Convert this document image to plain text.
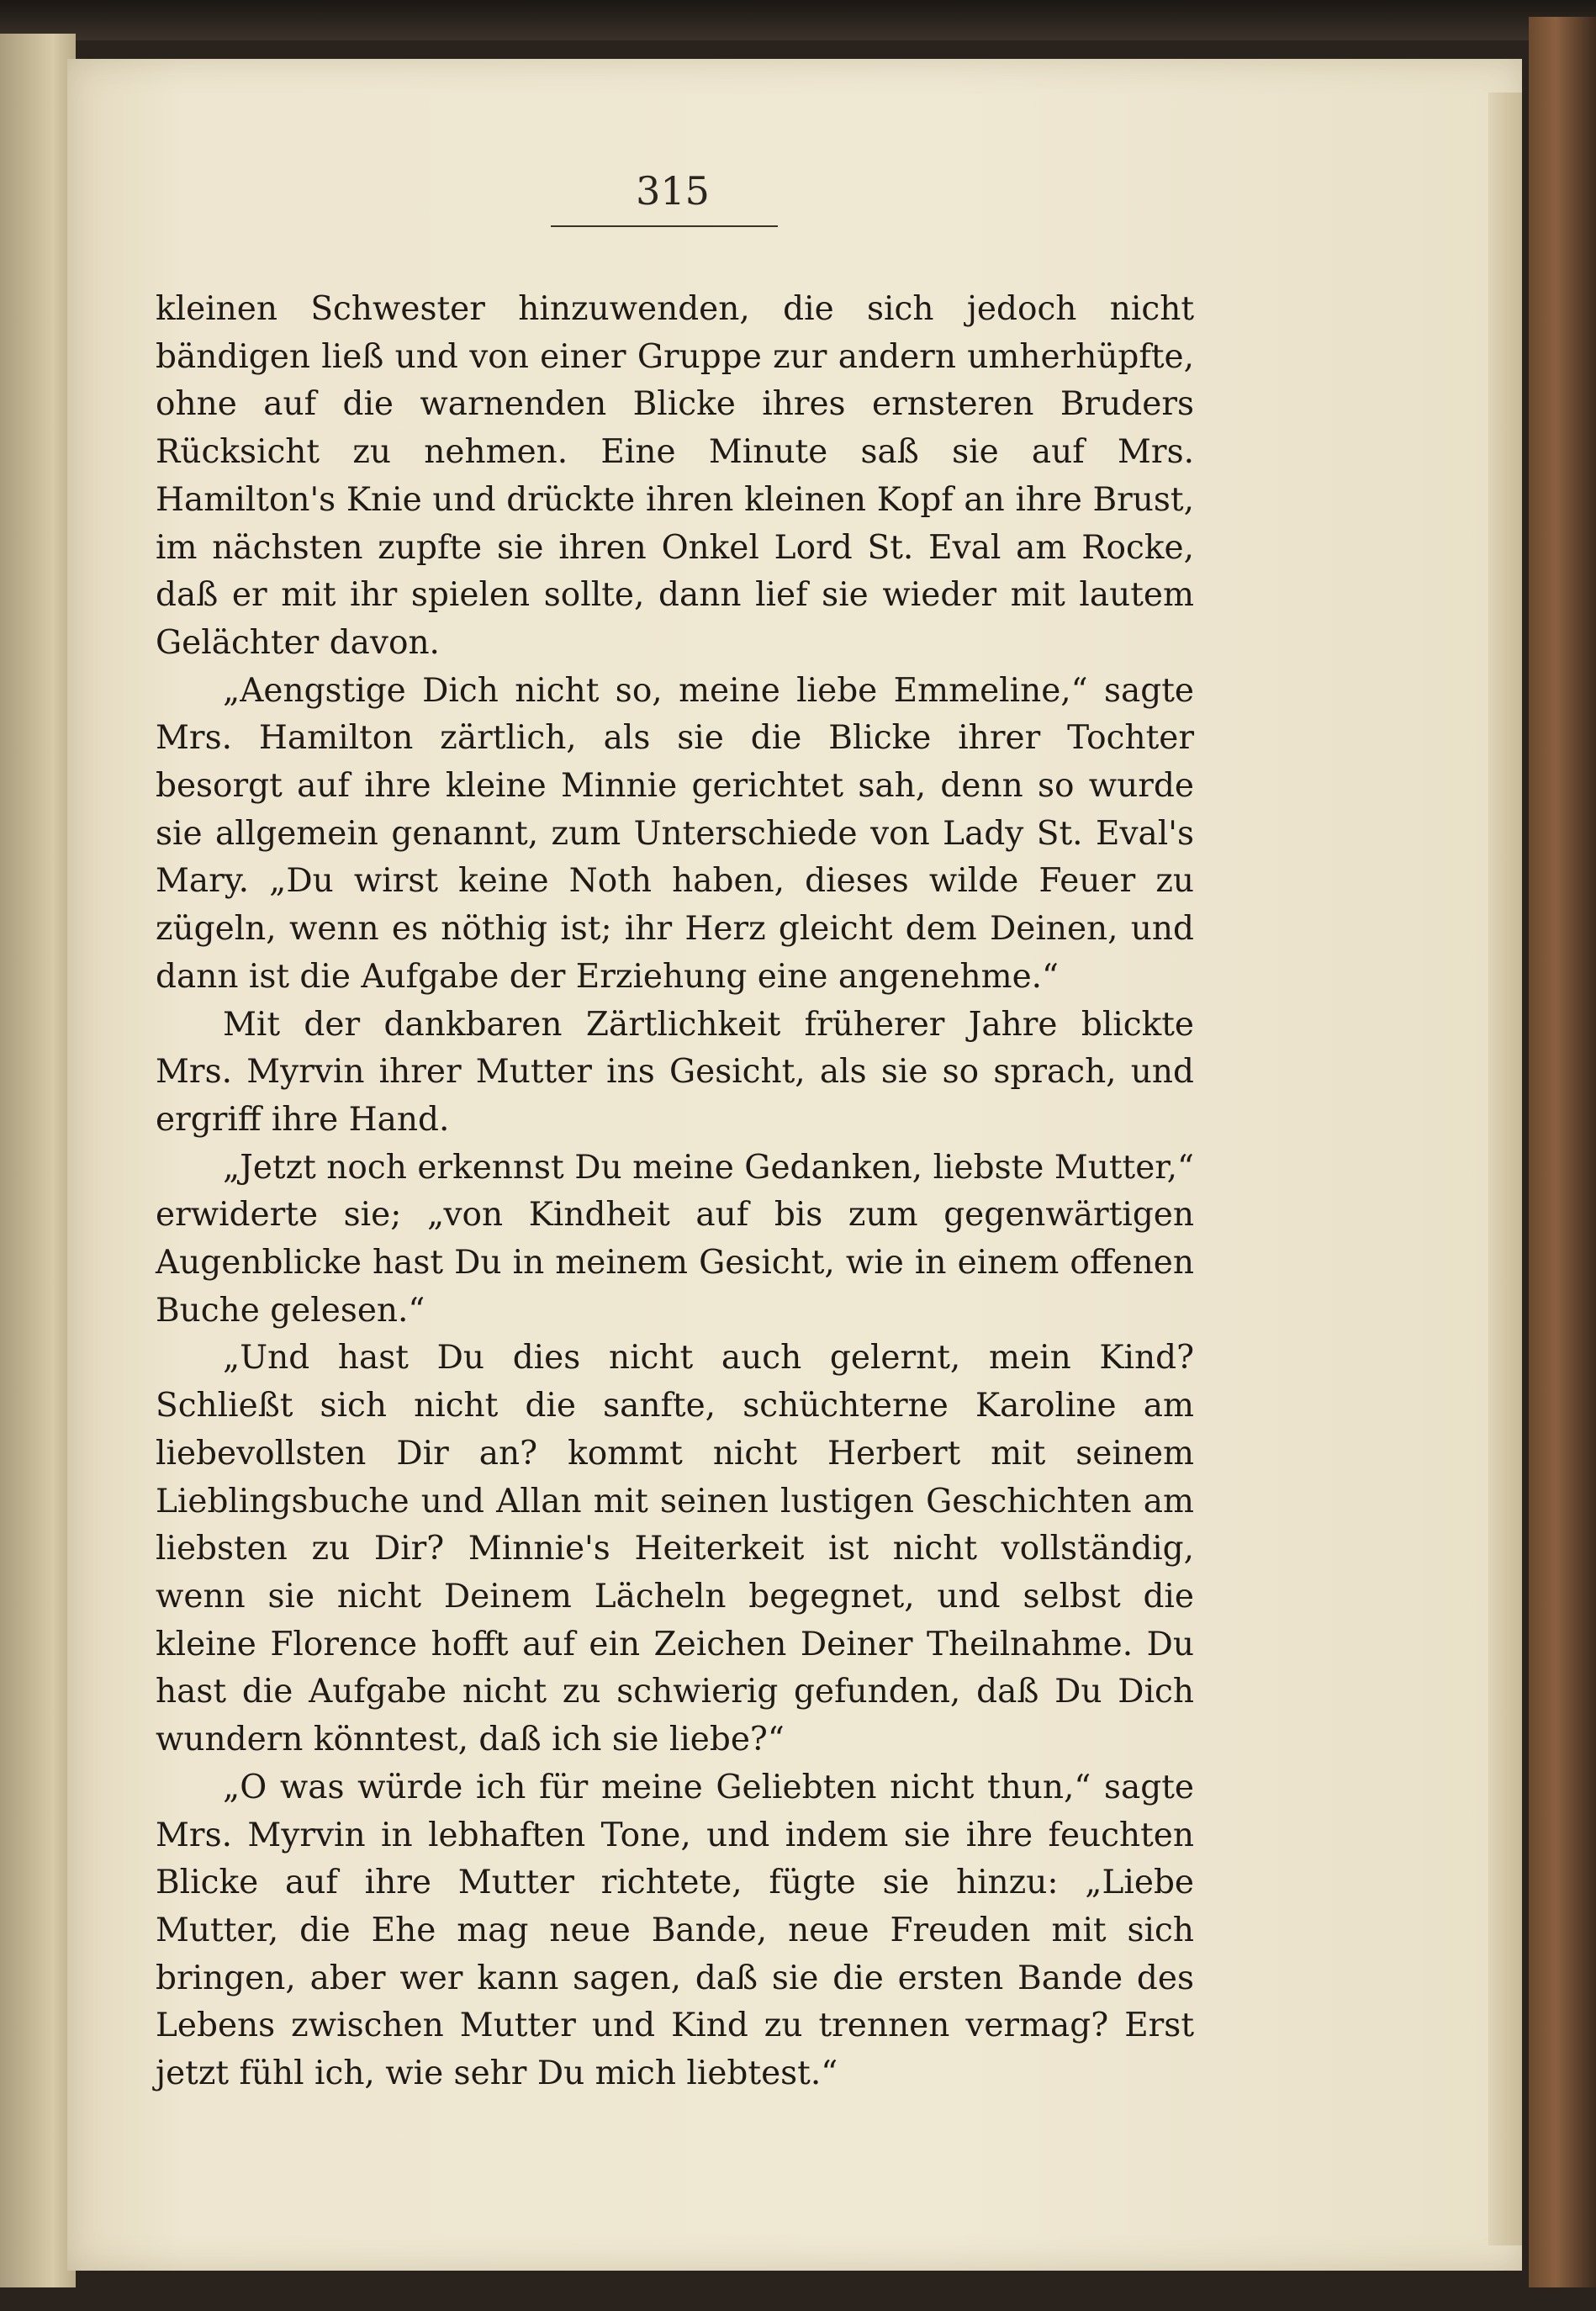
315

kleinen Schwester hinzuwenden, die sich jedoch nicht bändigen ließ und von einer Gruppe zur andern umherhüpfte, ohne auf die warnenden Blicke ihres ernsteren Bruders Rücksicht zu nehmen. Eine Minute saß sie auf Mrs. Hamilton's Knie und drückte ihren kleinen Kopf an ihre Brust, im nächsten zupfte sie ihren Onkel Lord St. Eval am Rocke, daß er mit ihr spielen sollte, dann lief sie wieder mit lautem Gelächter davon.

„Aengstige Dich nicht so, meine liebe Emmeline,“ sagte Mrs. Hamilton zärtlich, als sie die Blicke ihrer Tochter besorgt auf ihre kleine Minnie gerichtet sah, denn so wurde sie allgemein genannt, zum Unterschiede von Lady St. Eval's Mary. „Du wirst keine Noth haben, dieses wilde Feuer zu zügeln, wenn es nöthig ist; ihr Herz gleicht dem Deinen, und dann ist die Aufgabe der Erziehung eine angenehme.“

Mit der dankbaren Zärtlichkeit früherer Jahre blickte Mrs. Myrvin ihrer Mutter ins Gesicht, als sie so sprach, und ergriff ihre Hand.

„Jetzt noch erkennst Du meine Gedanken, liebste Mutter,“ erwiderte sie; „von Kindheit auf bis zum gegenwärtigen Augenblicke hast Du in meinem Gesicht, wie in einem offenen Buche gelesen.“

„Und hast Du dies nicht auch gelernt, mein Kind? Schließt sich nicht die sanfte, schüchterne Karoline am liebevollsten Dir an? kommt nicht Herbert mit seinem Lieblingsbuche und Allan mit seinen lustigen Geschichten am liebsten zu Dir? Minnie's Heiterkeit ist nicht vollständig, wenn sie nicht Deinem Lächeln begegnet, und selbst die kleine Florence hofft auf ein Zeichen Deiner Theilnahme. Du hast die Aufgabe nicht zu schwierig gefunden, daß Du Dich wundern könntest, daß ich sie liebe?“

„O was würde ich für meine Geliebten nicht thun,“ sagte Mrs. Myrvin in lebhaften Tone, und indem sie ihre feuchten Blicke auf ihre Mutter richtete, fügte sie hinzu: „Liebe Mutter, die Ehe mag neue Bande, neue Freuden mit sich bringen, aber wer kann sagen, daß sie die ersten Bande des Lebens zwischen Mutter und Kind zu trennen vermag? Erst jetzt fühl ich, wie sehr Du mich liebtest.“
